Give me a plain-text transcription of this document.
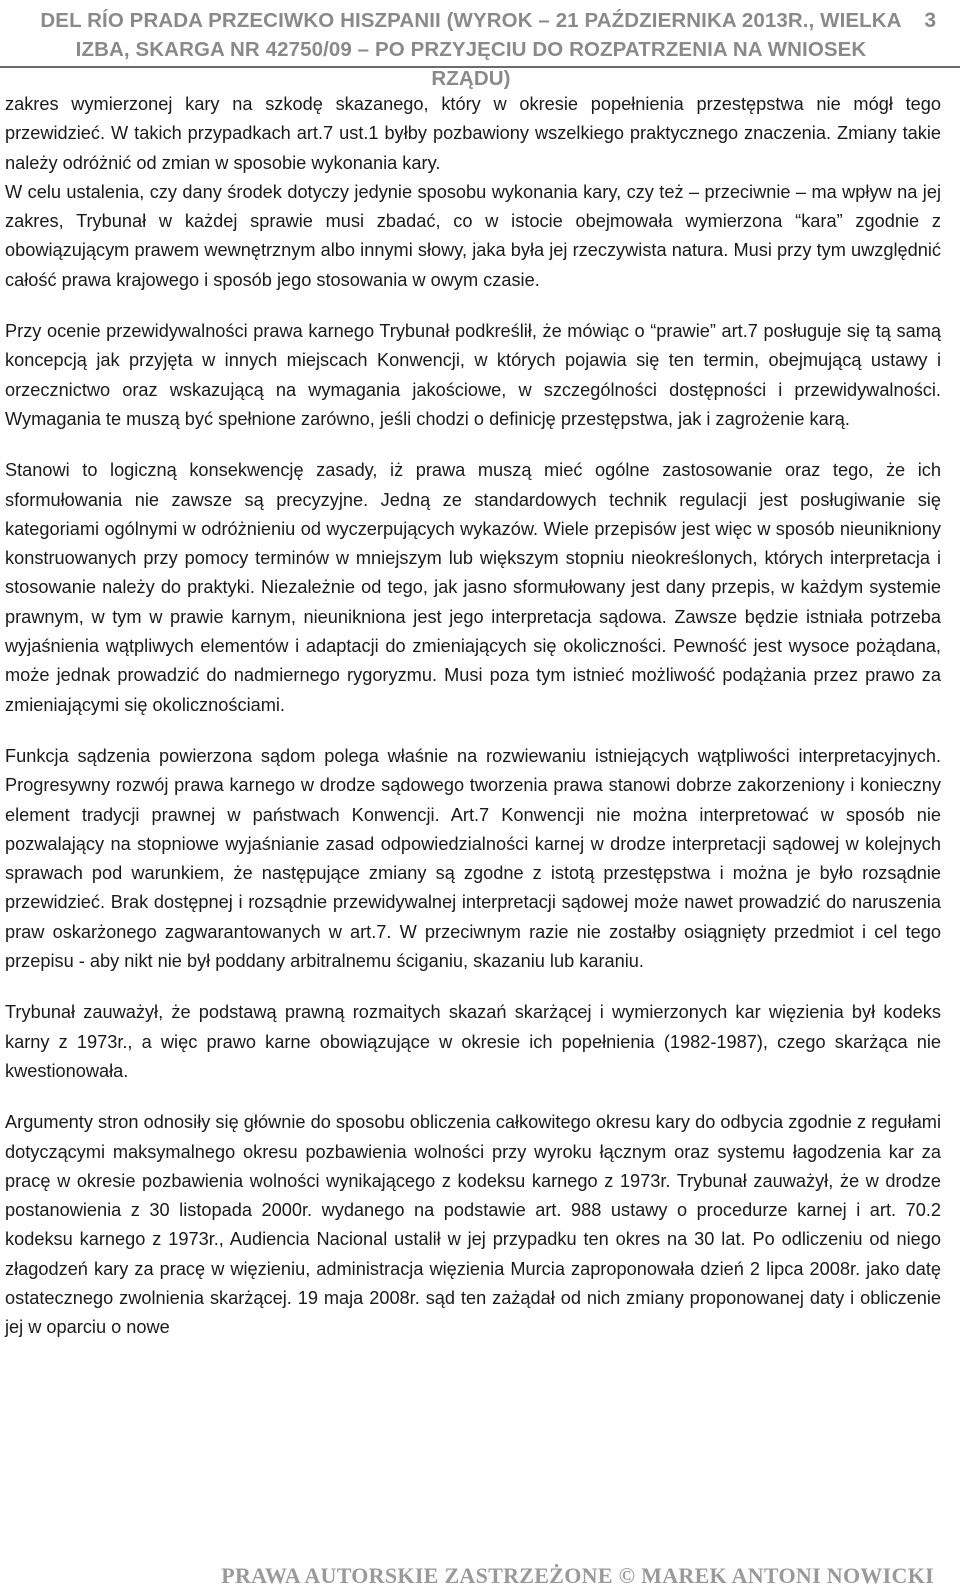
DEL RÍO PRADA PRZECIWKO HISZPANII (WYROK – 21 PAŹDZIERNIKA 2013R., WIELKA
IZBA, SKARGA NR 42750/09 – PO PRZYJĘCIU DO ROZPATRZENIA NA WNIOSEK RZĄDU)
3

zakres wymierzonej kary na szkodę skazanego, który w okresie popełnienia przestępstwa nie mógł tego przewidzieć. W takich przypadkach art.7 ust.1 byłby pozbawiony wszelkiego praktycznego znaczenia. Zmiany takie należy odróżnić od zmian w sposobie wykonania kary.

W celu ustalenia, czy dany środek dotyczy jedynie sposobu wykonania kary, czy też – przeciwnie – ma wpływ na jej zakres, Trybunał w każdej sprawie musi zbadać, co w istocie obejmowała wymierzona “kara” zgodnie z obowiązującym prawem wewnętrznym albo innymi słowy, jaka była jej rzeczywista natura. Musi przy tym uwzględnić całość prawa krajowego i sposób jego stosowania w owym czasie.

Przy ocenie przewidywalności prawa karnego Trybunał podkreślił, że mówiąc o “prawie” art.7 posługuje się tą samą koncepcją jak przyjęta w innych miejscach Konwencji, w których pojawia się ten termin, obejmującą ustawy i orzecznictwo oraz wskazującą na wymagania jakościowe, w szczególności dostępności i przewidywalności. Wymagania te muszą być spełnione zarówno, jeśli chodzi o definicję przestępstwa, jak i zagrożenie karą.

Stanowi to logiczną konsekwencję zasady, iż prawa muszą mieć ogólne zastosowanie oraz tego, że ich sformułowania nie zawsze są precyzyjne. Jedną ze standardowych technik regulacji jest posługiwanie się kategoriami ogólnymi w odróżnieniu od wyczerpujących wykazów. Wiele przepisów jest więc w sposób nieunikniony konstruowanych przy pomocy terminów w mniejszym lub większym stopniu nieokreślonych, których interpretacja i stosowanie należy do praktyki. Niezależnie od tego, jak jasno sformułowany jest dany przepis, w każdym systemie prawnym, w tym w prawie karnym, nieunikniona jest jego interpretacja sądowa. Zawsze będzie istniała potrzeba wyjaśnienia wątpliwych elementów i adaptacji do zmieniających się okoliczności. Pewność jest wysoce pożądana, może jednak prowadzić do nadmiernego rygoryzmu. Musi poza tym istnieć możliwość podążania przez prawo za zmieniającymi się okolicznościami.

Funkcja sądzenia powierzona sądom polega właśnie na rozwiewaniu istniejących wątpliwości interpretacyjnych. Progresywny rozwój prawa karnego w drodze sądowego tworzenia prawa stanowi dobrze zakorzeniony i konieczny element tradycji prawnej w państwach Konwencji. Art.7 Konwencji nie można interpretować w sposób nie pozwalający na stopniowe wyjaśnianie zasad odpowiedzialności karnej w drodze interpretacji sądowej w kolejnych sprawach pod warunkiem, że następujące zmiany są zgodne z istotą przestępstwa i można je było rozsądnie przewidzieć. Brak dostępnej i rozsądnie przewidywalnej interpretacji sądowej może nawet prowadzić do naruszenia praw oskarżonego zagwarantowanych w art.7. W przeciwnym razie nie zostałby osiągnięty przedmiot i cel tego przepisu - aby nikt nie był poddany arbitralnemu ściganiu, skazaniu lub karaniu.

Trybunał zauważył, że podstawą prawną rozmaitych skazań skarżącej i wymierzonych kar więzienia był kodeks karny z 1973r., a więc prawo karne obowiązujące w okresie ich popełnienia (1982-1987), czego skarżąca nie kwestionowała.

Argumenty stron odnosiły się głównie do sposobu obliczenia całkowitego okresu kary do odbycia zgodnie z regułami dotyczącymi maksymalnego okresu pozbawienia wolności przy wyroku łącznym oraz systemu łagodzenia kar za pracę w okresie pozbawienia wolności wynikającego z kodeksu karnego z 1973r. Trybunał zauważył, że w drodze postanowienia z 30 listopada 2000r. wydanego na podstawie art. 988 ustawy o procedurze karnej i art. 70.2 kodeksu karnego z 1973r., Audiencia Nacional ustalił w jej przypadku ten okres na 30 lat. Po odliczeniu od niego złagodzeń kary za pracę w więzieniu, administracja więzienia Murcia zaproponowała dzień 2 lipca 2008r. jako datę ostatecznego zwolnienia skarżącej. 19 maja 2008r. sąd ten zażądał od nich zmiany proponowanej daty i obliczenie jej w oparciu o nowe

PRAWA AUTORSKIE ZASTRZEŻONE © MAREK ANTONI NOWICKI
